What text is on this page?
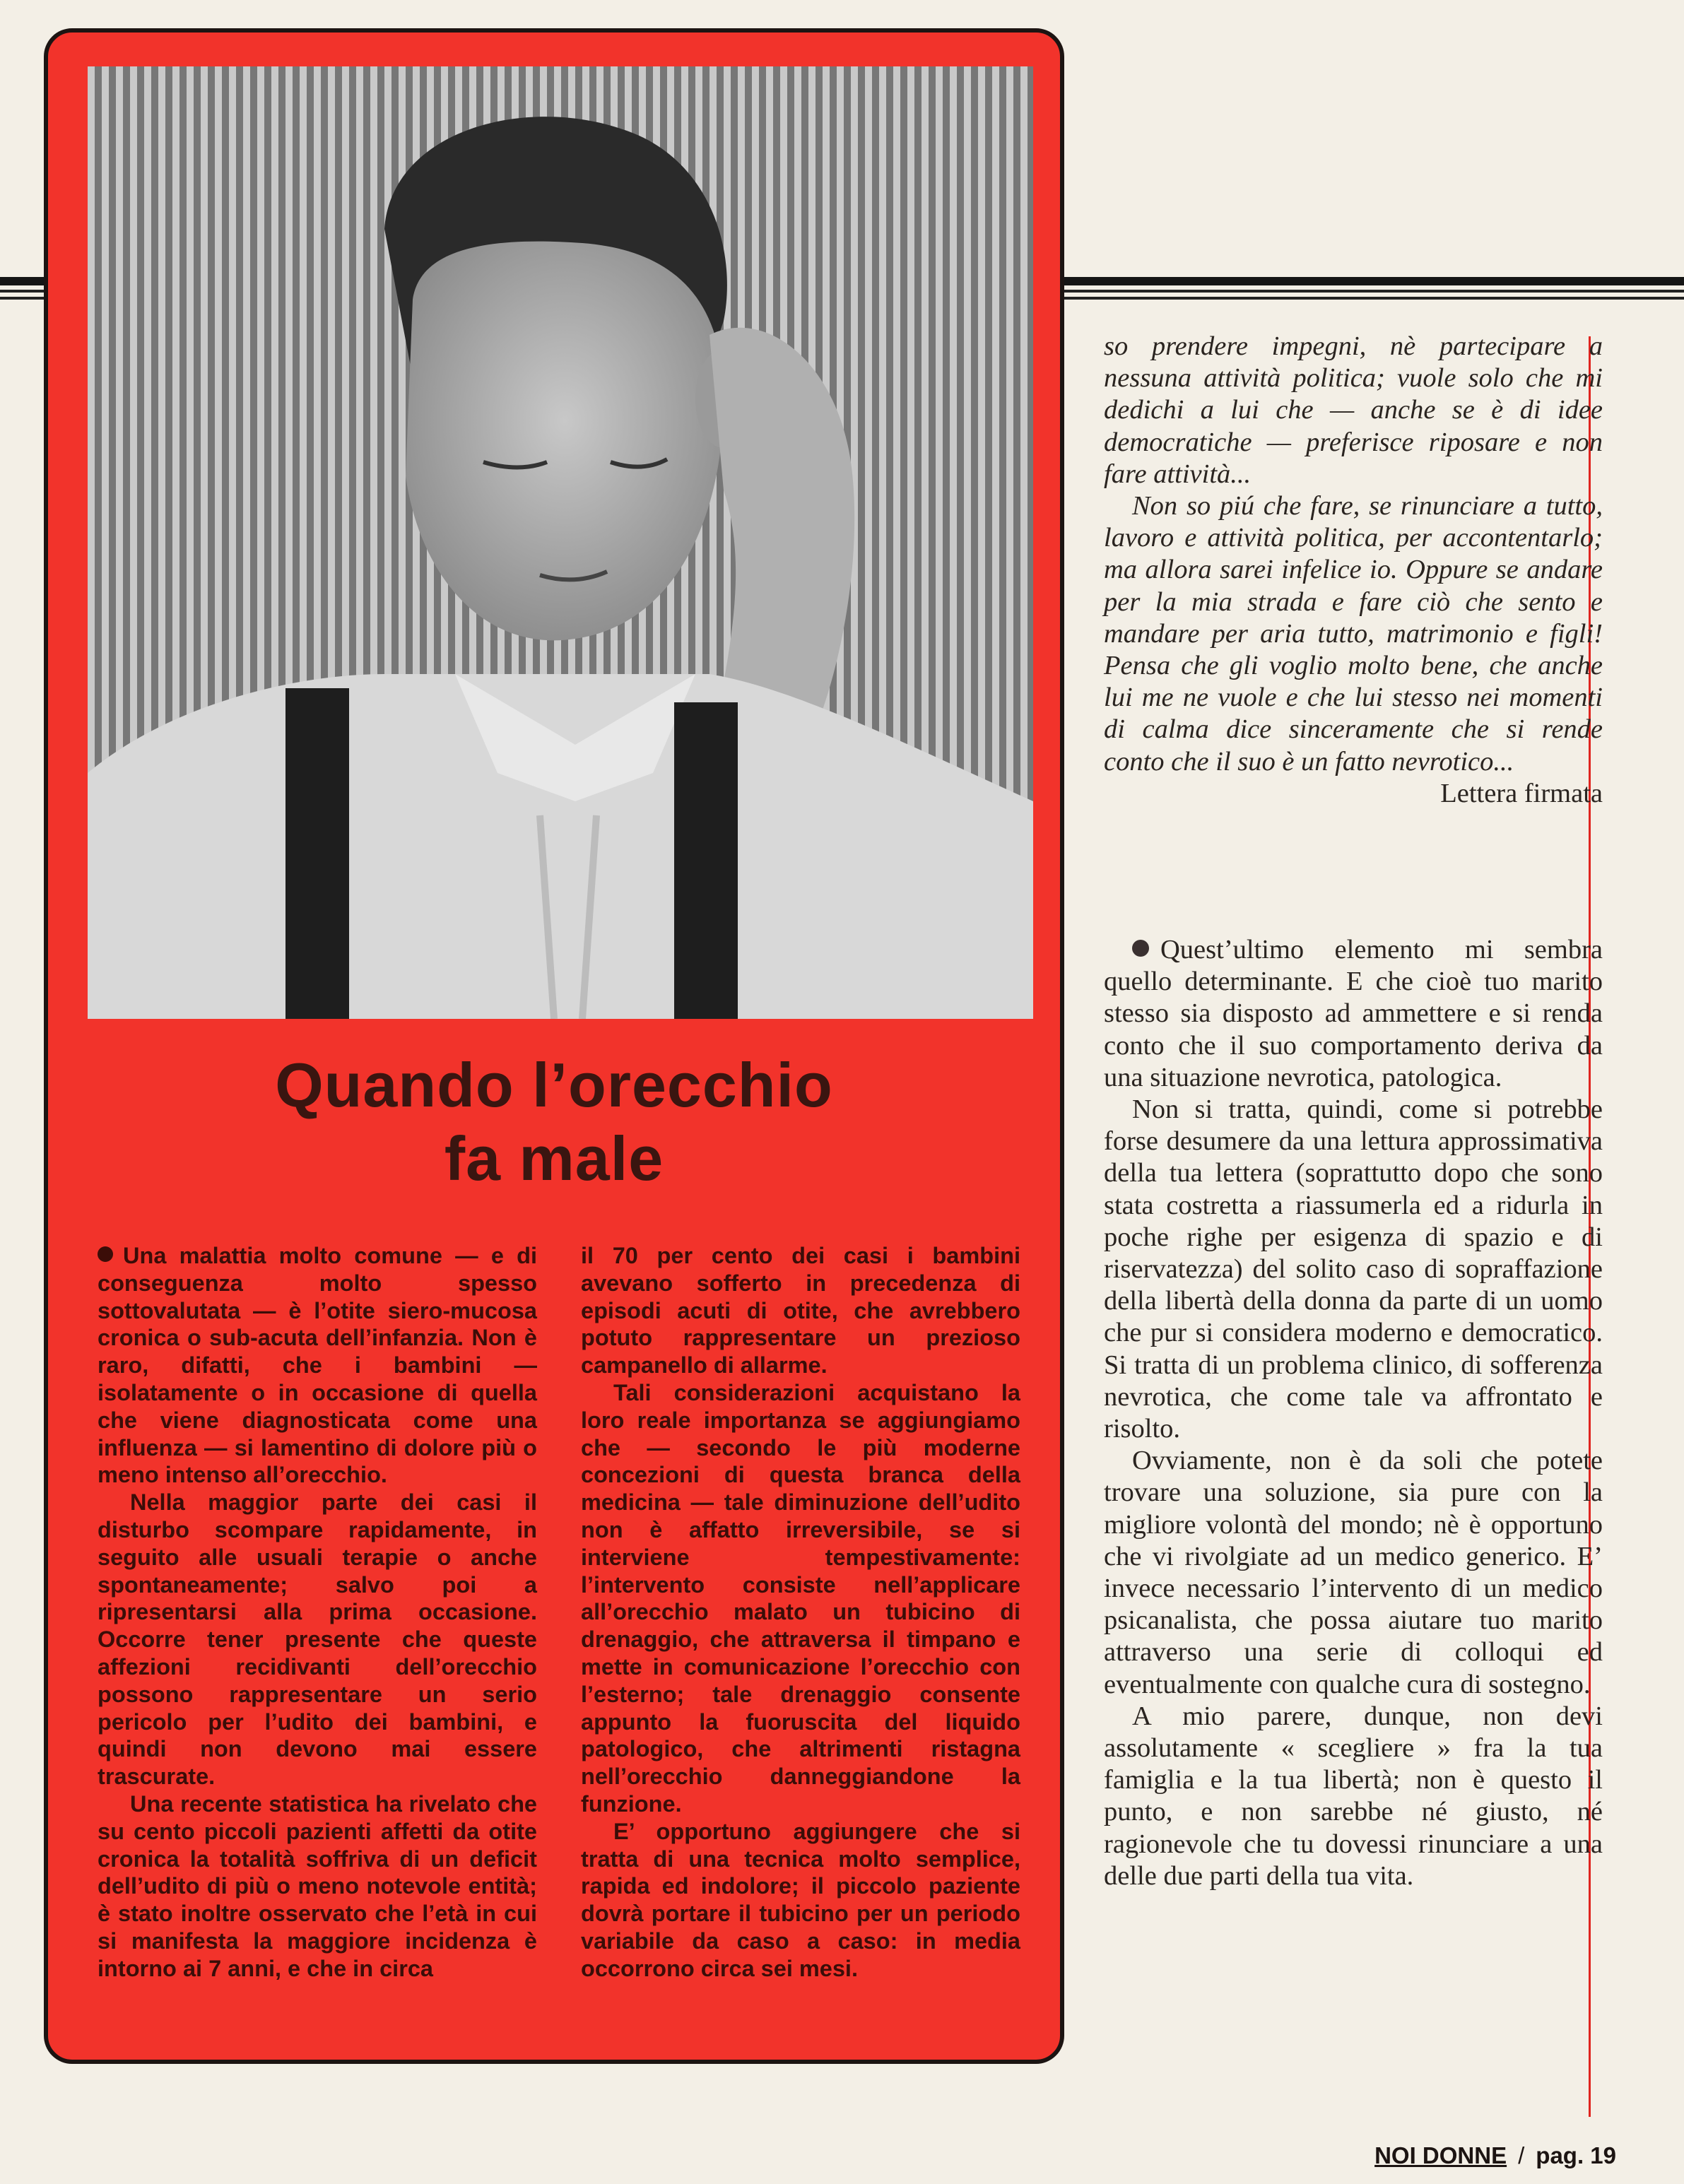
Quando l’orecchio
fa male

Una malattia molto comune — e di conseguenza molto spesso sottovalutata — è l’otite siero-mucosa cronica o sub-acuta dell’infanzia. Non è raro, difatti, che i bambini — isolatamente o in occasione di quella che viene diagnosticata come una influenza — si lamentino di dolore più o meno intenso all’orecchio.

Nella maggior parte dei casi il disturbo scompare rapidamente, in seguito alle usuali terapie o anche spontaneamente; salvo poi a ripresentarsi alla prima occasione. Occorre tener presente che queste affezioni recidivanti dell’orecchio possono rappresentare un serio pericolo per l’udito dei bambini, e quindi non devono mai essere trascurate.

Una recente statistica ha rivelato che su cento piccoli pazienti affetti da otite cronica la totalità soffriva di un deficit dell’udito di più o meno notevole entità; è stato inoltre osservato che l’età in cui si manifesta la maggiore incidenza è intorno ai 7 anni, e che in circa

il 70 per cento dei casi i bambini avevano sofferto in precedenza di episodi acuti di otite, che avrebbero potuto rappresentare un prezioso campanello di allarme.

Tali considerazioni acquistano la loro reale importanza se aggiungiamo che — secondo le più moderne concezioni di questa branca della medicina — tale diminuzione dell’udito non è affatto irreversibile, se si interviene tempestivamente: l’intervento consiste nell’applicare all’orecchio malato un tubicino di drenaggio, che attraversa il timpano e mette in comunicazione l’orecchio con l’esterno; tale drenaggio consente appunto la fuoruscita del liquido patologico, che altrimenti ristagna nell’orecchio danneggiandone la funzione.

E’ opportuno aggiungere che si tratta di una tecnica molto semplice, rapida ed indolore; il piccolo paziente dovrà portare il tubicino per un periodo variabile da caso a caso: in media occorrono circa sei mesi.

so prendere impegni, nè partecipare a nessuna attività politica; vuole solo che mi dedichi a lui che — anche se è di idee democratiche — preferisce riposare e non fare attività...

Non so piú che fare, se rinunciare a tutto, lavoro e attività politica, per accontentarlo; ma allora sarei infelice io. Oppure se andare per la mia strada e fare ciò che sento e mandare per aria tutto, matrimonio e figli! Pensa che gli voglio molto bene, che anche lui me ne vuole e che lui stesso nei momenti di calma dice sinceramente che si rende conto che il suo è un fatto nevrotico...

Lettera firmata

Quest’ultimo elemento mi sembra quello determinante. E che cioè tuo marito stesso sia disposto ad ammettere e si renda conto che il suo comportamento deriva da una situazione nevrotica, patologica.

Non si tratta, quindi, come si potrebbe forse desumere da una lettura approssimativa della tua lettera (soprattutto dopo che sono stata costretta a riassumerla ed a ridurla in poche righe per esigenza di spazio e di riservatezza) del solito caso di sopraffazione della libertà della donna da parte di un uomo che pur si considera moderno e democratico. Si tratta di un problema clinico, di sofferenza nevrotica, che come tale va affrontato e risolto.

Ovviamente, non è da soli che potete trovare una soluzione, sia pure con la migliore volontà del mondo; nè è opportuno che vi rivolgiate ad un medico generico. E’ invece necessario l’intervento di un medico psicanalista, che possa aiutare tuo marito attraverso una serie di colloqui ed eventualmente con qualche cura di sostegno.

A mio parere, dunque, non devi assolutamente « scegliere » fra la tua famiglia e la tua libertà; non è questo il punto, e non sarebbe né giusto, né ragionevole che tu dovessi rinunciare a una delle due parti della tua vita.

NOI DONNE / pag. 19
